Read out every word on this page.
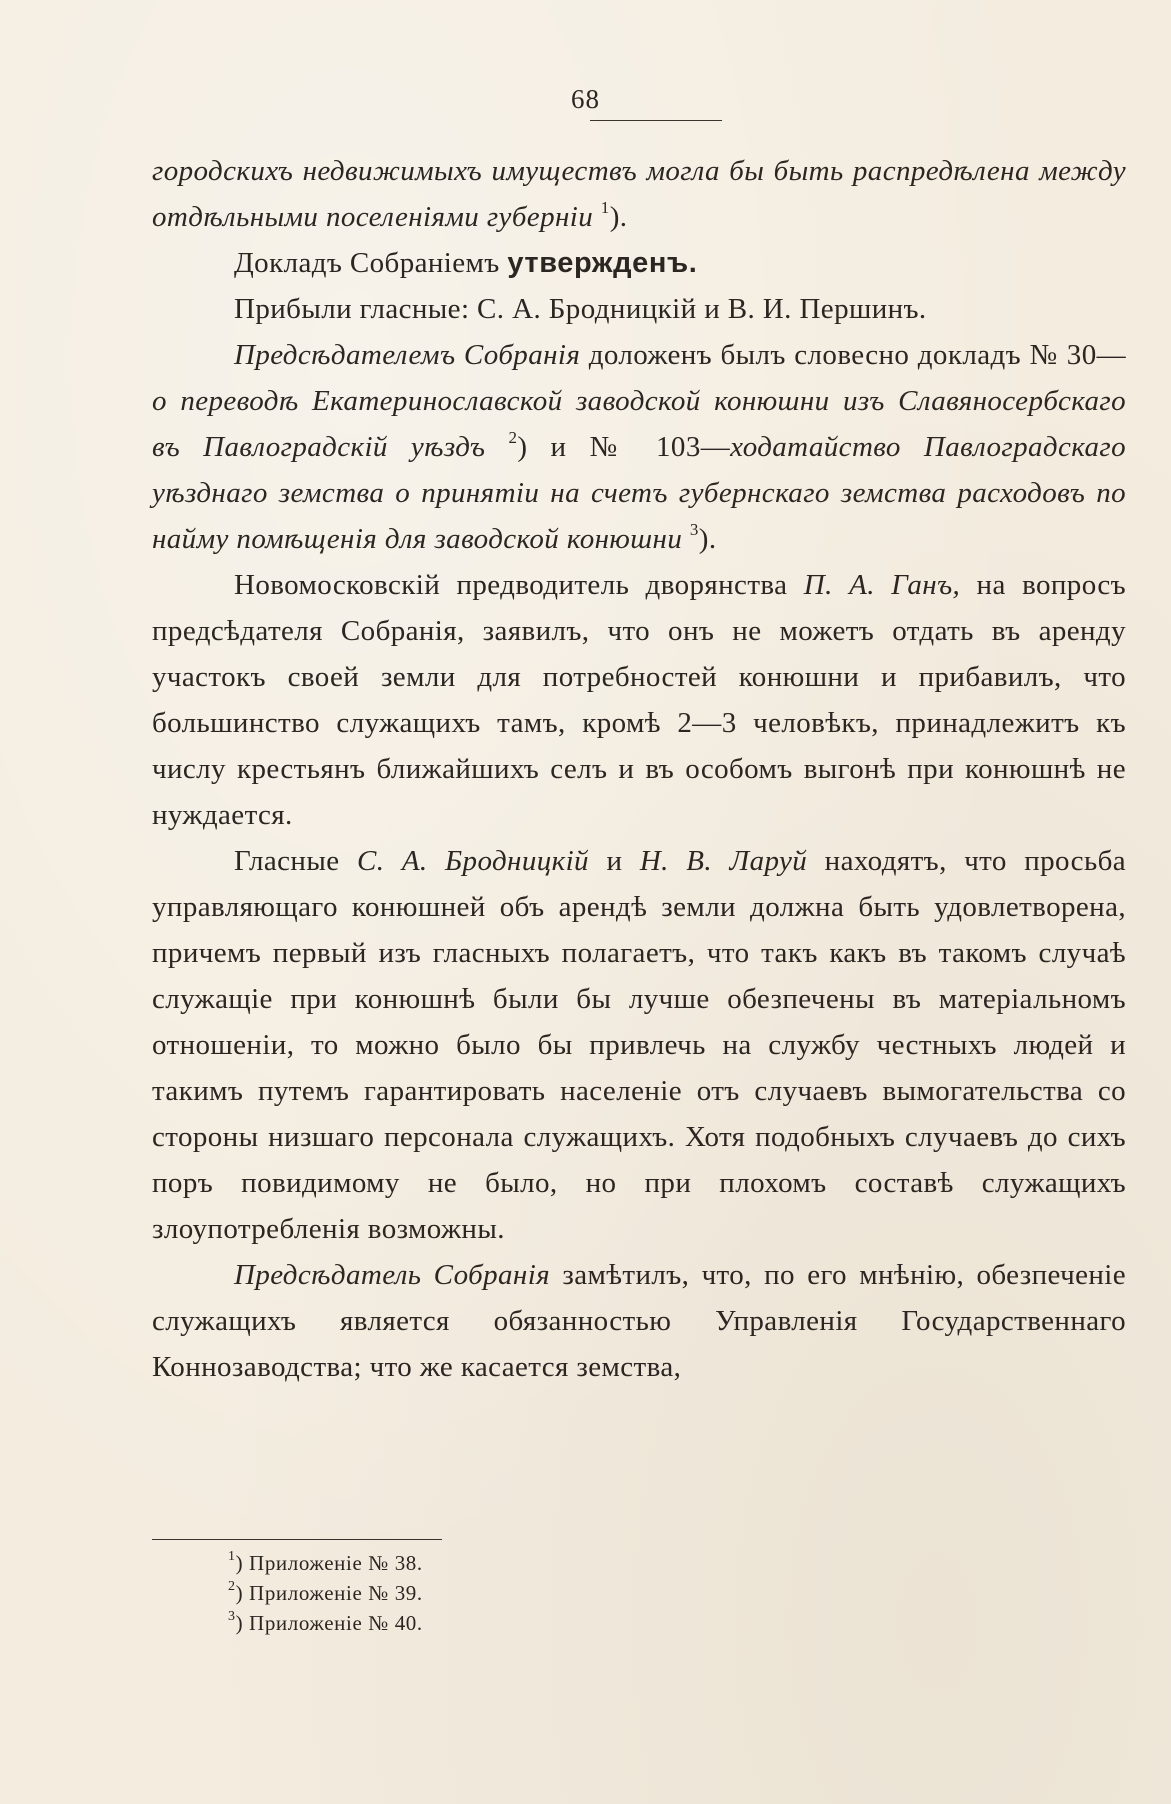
68

городскихъ недвижимыхъ имуществъ могла бы быть распредѣлена между отдѣльными поселеніями губерніи $^1$).

Докладъ Собраніемъ утвержденъ.

Прибыли гласные: С. А. Бродницкій и В. И. Першинъ.

Предсѣдателемъ Собранія доложенъ былъ словесно докладъ № 30—о переводѣ Екатеринославской заводской конюшни изъ Славяносербскаго въ Павлоградскій уѣздъ $^2$) и № 103—ходатайство Павлоградскаго уѣзднаго земства о принятіи на счетъ губернскаго земства расходовъ по найму помѣщенія для заводской конюшни $^3$).

Новомосковскій предводитель дворянства П. А. Ганъ, на вопросъ предсѣдателя Собранія, заявилъ, что онъ не можетъ отдать въ аренду участокъ своей земли для потребностей конюшни и прибавилъ, что большинство служащихъ тамъ, кромѣ 2—3 человѣкъ, принадлежитъ къ числу крестьянъ ближайшихъ селъ и въ особомъ выгонѣ при конюшнѣ не нуждается.

Гласные С. А. Бродницкій и Н. В. Ларуй находятъ, что просьба управляющаго конюшней объ арендѣ земли должна быть удовлетворена, причемъ первый изъ гласныхъ полагаетъ, что такъ какъ въ такомъ случаѣ служащіе при конюшнѣ были бы лучше обезпечены въ матеріальномъ отношеніи, то можно было бы привлечь на службу честныхъ людей и такимъ путемъ гарантировать населеніе отъ случаевъ вымогательства со стороны низшаго персонала служащихъ. Хотя подобныхъ случаевъ до сихъ поръ повидимому не было, но при плохомъ составѣ служащихъ злоупотребленія возможны.

Предсѣдатель Собранія замѣтилъ, что, по его мнѣнію, обезпеченіе служащихъ является обязанностью Управленія Государственнаго Коннозаводства; что же касается земства,

$^1$) Приложеніе № 38.
$^2$) Приложеніе № 39.
$^3$) Приложеніе № 40.
